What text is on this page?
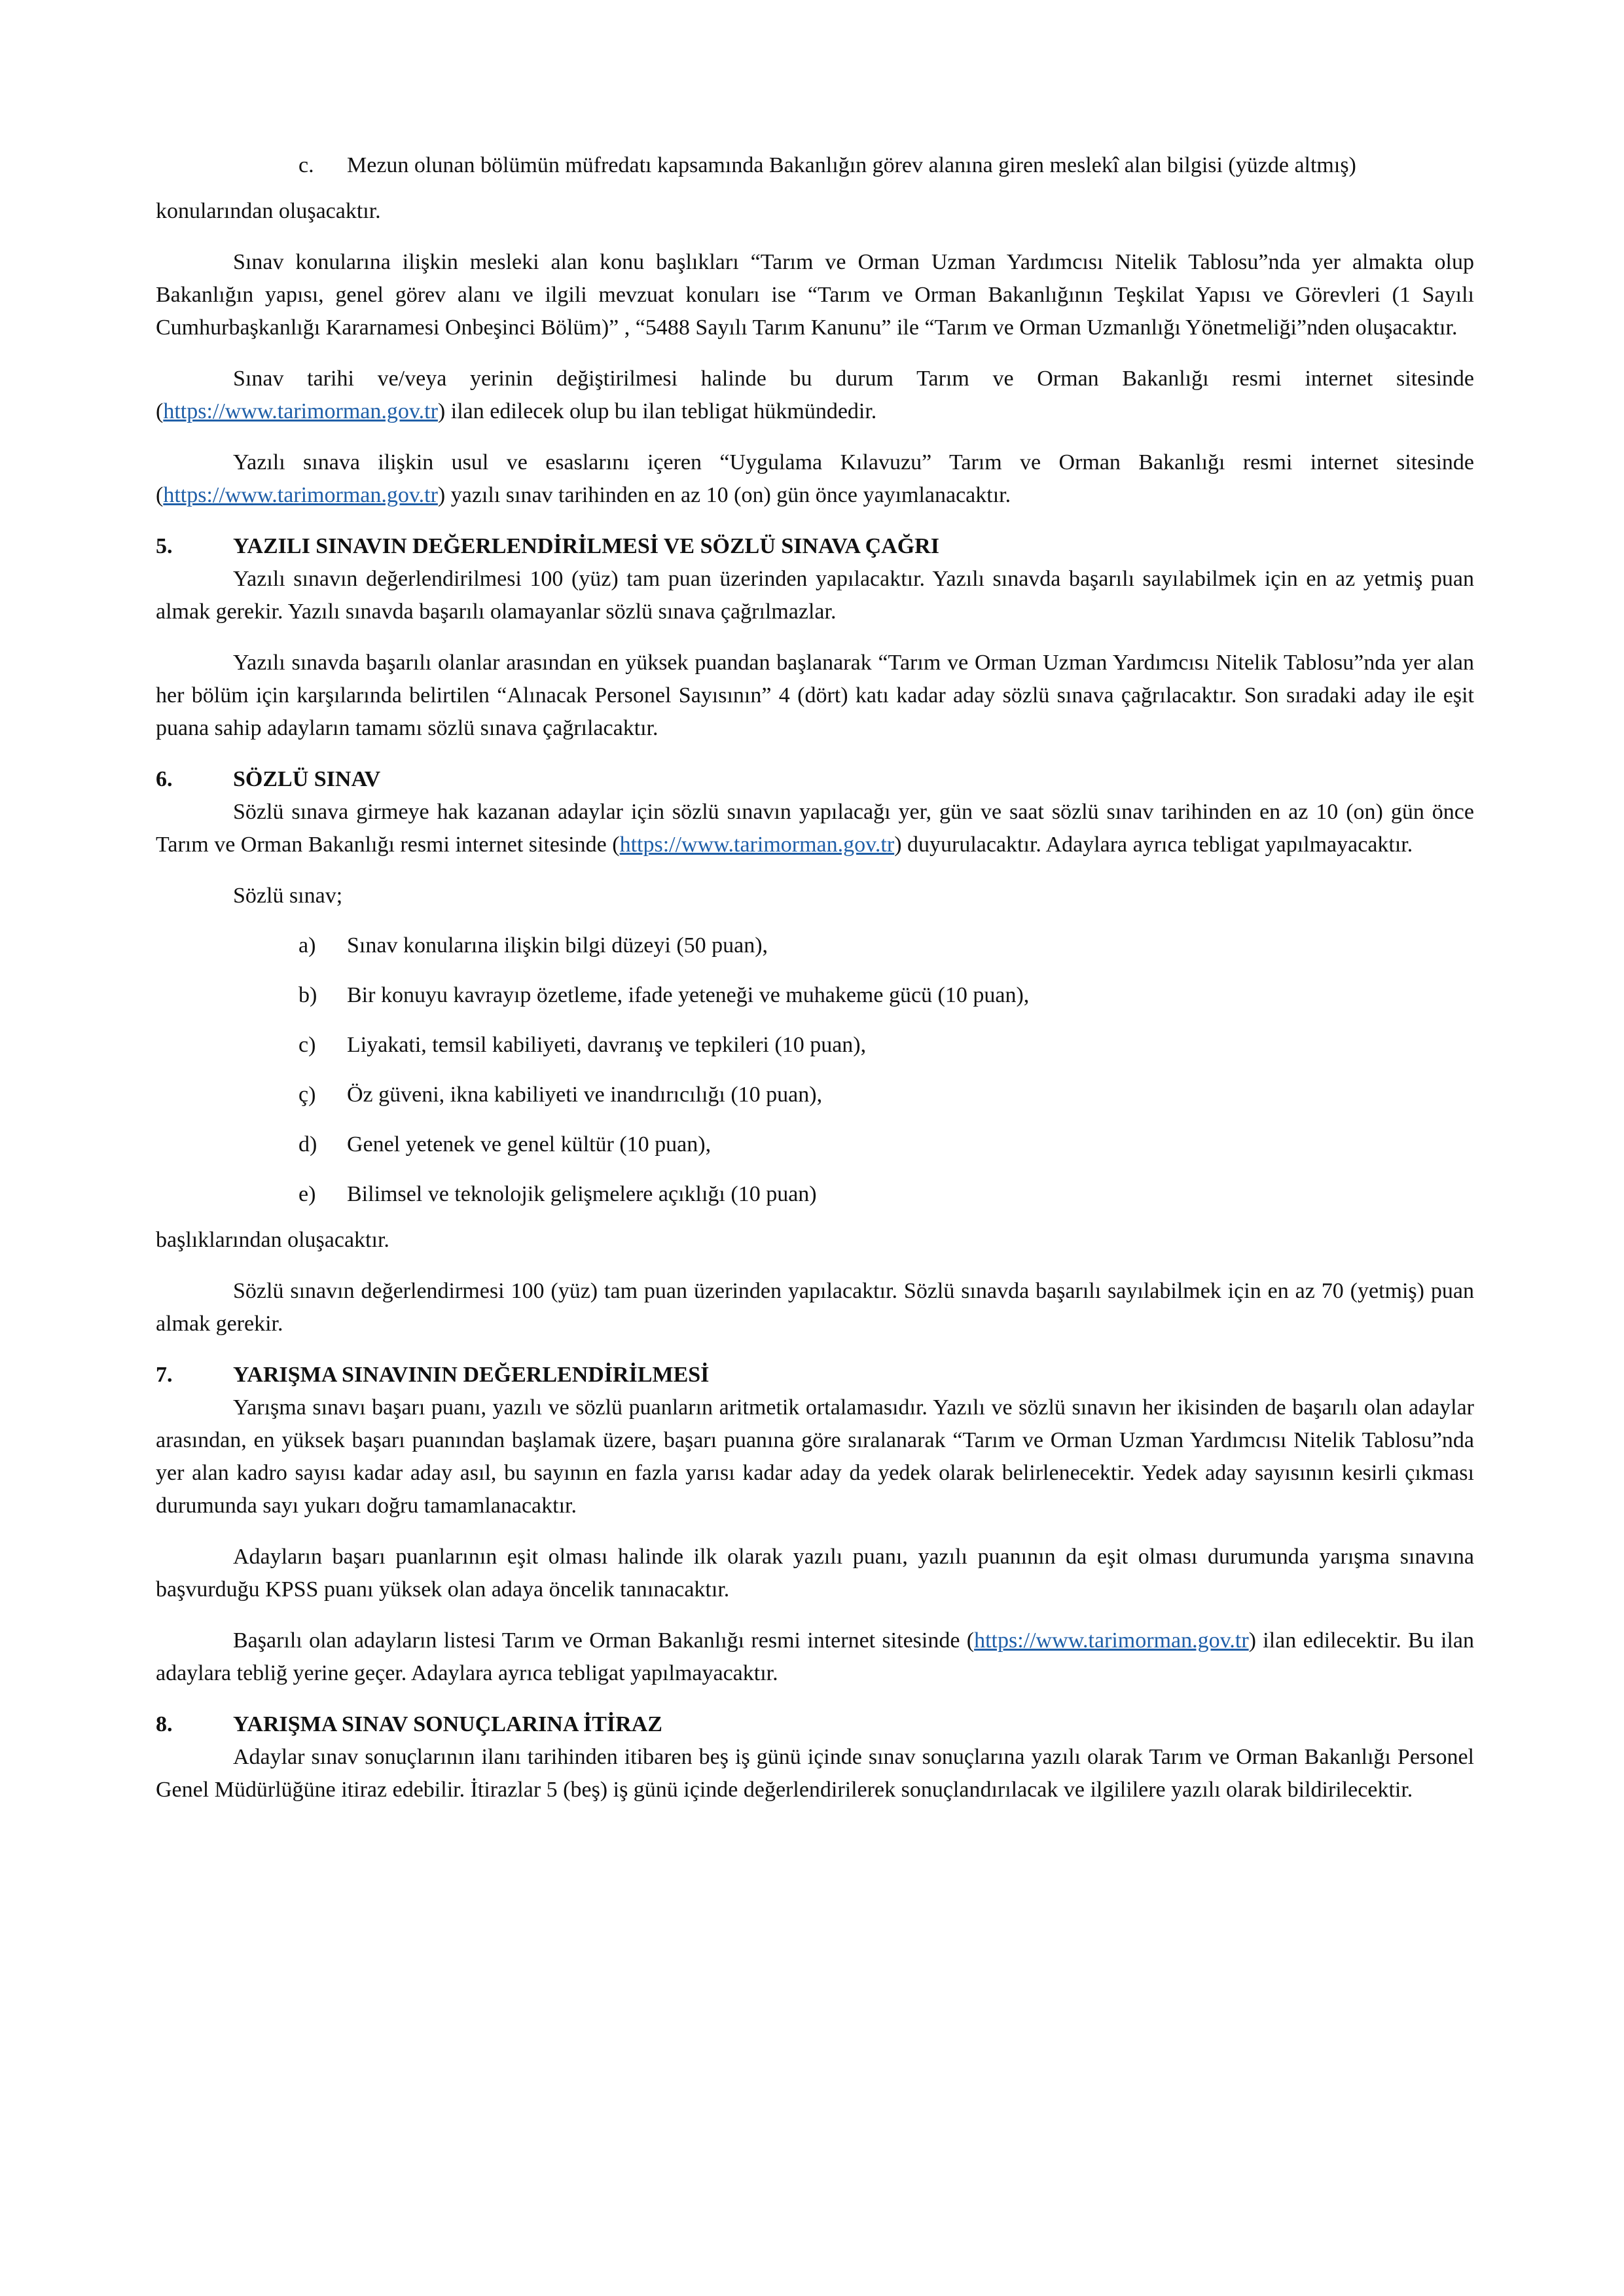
c.	Mezun olunan bölümün müfredatı kapsamında Bakanlığın görev alanına giren meslekî alan bilgisi (yüzde altmış)

konularından oluşacaktır.

Sınav konularına ilişkin mesleki alan konu başlıkları “Tarım ve Orman Uzman Yardımcısı Nitelik Tablosu”nda yer almakta olup Bakanlığın yapısı, genel görev alanı ve ilgili mevzuat konuları ise “Tarım ve Orman Bakanlığının Teşkilat Yapısı ve Görevleri (1 Sayılı Cumhurbaşkanlığı Kararnamesi Onbeşinci Bölüm)” , “5488 Sayılı Tarım Kanunu” ile “Tarım ve Orman Uzmanlığı Yönetmeliği”nden oluşacaktır.

Sınav tarihi ve/veya yerinin değiştirilmesi halinde bu durum Tarım ve Orman Bakanlığı resmi internet sitesinde (https://www.tarimorman.gov.tr) ilan edilecek olup bu ilan tebligat hükmündedir.

Yazılı sınava ilişkin usul ve esaslarını içeren “Uygulama Kılavuzu” Tarım ve Orman Bakanlığı resmi internet sitesinde (https://www.tarimorman.gov.tr) yazılı sınav tarihinden en az 10 (on) gün önce yayımlanacaktır.

5.	YAZILI SINAVIN DEĞERLENDİRİLMESİ VE SÖZLÜ SINAVA ÇAĞRI

Yazılı sınavın değerlendirilmesi 100 (yüz) tam puan üzerinden yapılacaktır. Yazılı sınavda başarılı sayılabilmek için en az yetmiş puan almak gerekir. Yazılı sınavda başarılı olamayanlar sözlü sınava çağrılmazlar.

Yazılı sınavda başarılı olanlar arasından en yüksek puandan başlanarak “Tarım ve Orman Uzman Yardımcısı Nitelik Tablosu”nda yer alan her bölüm için karşılarında belirtilen “Alınacak Personel Sayısının” 4 (dört) katı kadar aday sözlü sınava çağrılacaktır. Son sıradaki aday ile eşit puana sahip adayların tamamı sözlü sınava çağrılacaktır.

6.	SÖZLÜ SINAV

Sözlü sınava girmeye hak kazanan adaylar için sözlü sınavın yapılacağı yer, gün ve saat sözlü sınav tarihinden en az 10 (on) gün önce Tarım ve Orman Bakanlığı resmi internet sitesinde (https://www.tarimorman.gov.tr) duyurulacaktır. Adaylara ayrıca tebligat yapılmayacaktır.

Sözlü sınav;

a)	Sınav konularına ilişkin bilgi düzeyi (50 puan),
b)	Bir konuyu kavrayıp özetleme, ifade yeteneği ve muhakeme gücü (10 puan),
c)	Liyakati, temsil kabiliyeti, davranış ve tepkileri (10 puan),
ç)	Öz güveni, ikna kabiliyeti ve inandırıcılığı (10 puan),
d)	Genel yetenek ve genel kültür (10 puan),
e)	Bilimsel ve teknolojik gelişmelere açıklığı (10 puan)

başlıklarından oluşacaktır.

Sözlü sınavın değerlendirmesi 100 (yüz) tam puan üzerinden yapılacaktır. Sözlü sınavda başarılı sayılabilmek için en az 70 (yetmiş) puan almak gerekir.

7.	YARIŞMA SINAVININ DEĞERLENDİRİLMESİ

Yarışma sınavı başarı puanı, yazılı ve sözlü puanların aritmetik ortalamasıdır. Yazılı ve sözlü sınavın her ikisinden de başarılı olan adaylar arasından, en yüksek başarı puanından başlamak üzere, başarı puanına göre sıralanarak “Tarım ve Orman Uzman Yardımcısı Nitelik Tablosu”nda yer alan kadro sayısı kadar aday asıl, bu sayının en fazla yarısı kadar aday da yedek olarak belirlenecektir. Yedek aday sayısının kesirli çıkması durumunda sayı yukarı doğru tamamlanacaktır.

Adayların başarı puanlarının eşit olması halinde ilk olarak yazılı puanı, yazılı puanının da eşit olması durumunda yarışma sınavına başvurduğu KPSS puanı yüksek olan adaya öncelik tanınacaktır.

Başarılı olan adayların listesi Tarım ve Orman Bakanlığı resmi internet sitesinde (https://www.tarimorman.gov.tr) ilan edilecektir. Bu ilan adaylara tebliğ yerine geçer. Adaylara ayrıca tebligat yapılmayacaktır.

8.	YARIŞMA SINAV SONUÇLARINA İTİRAZ

Adaylar sınav sonuçlarının ilanı tarihinden itibaren beş iş günü içinde sınav sonuçlarına yazılı olarak Tarım ve Orman Bakanlığı Personel Genel Müdürlüğüne itiraz edebilir. İtirazlar 5 (beş) iş günü içinde değerlendirilerek sonuçlandırılacak ve ilgililere yazılı olarak bildirilecektir.
